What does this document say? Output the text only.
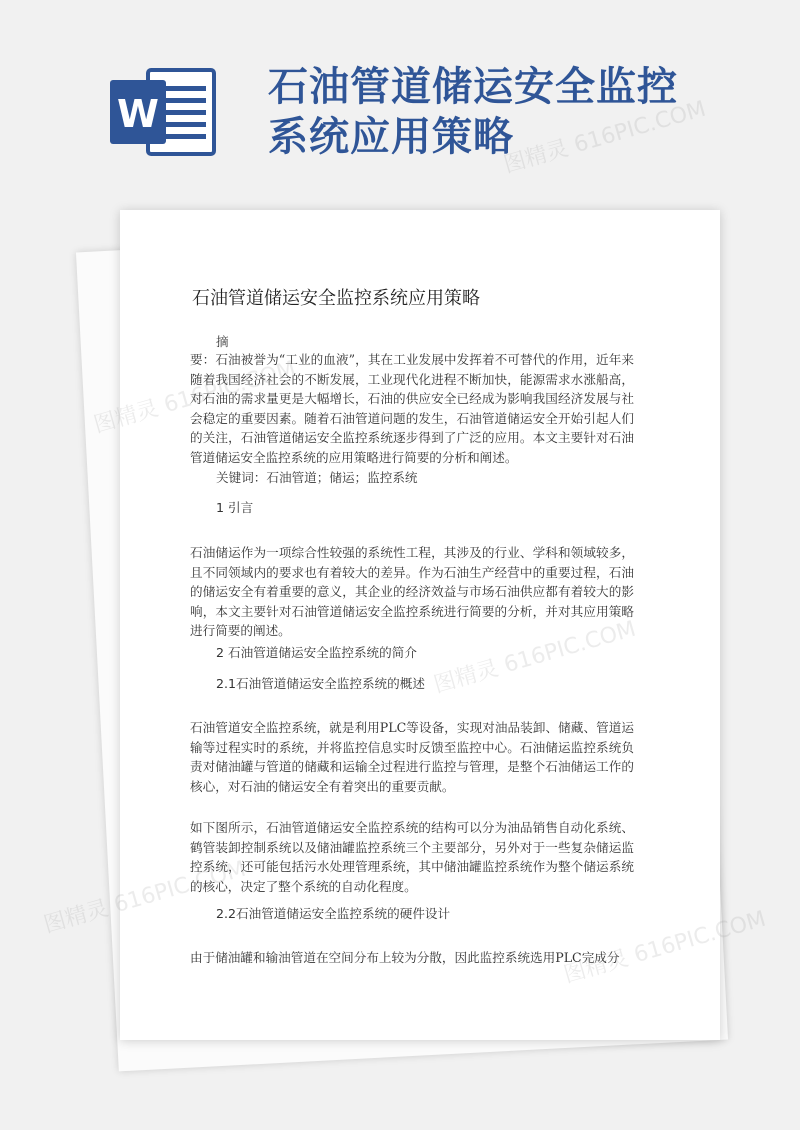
W
石油管道储运安全监控
系统应用策略
石油管道储运安全监控系统应用策略
摘

要：石油被誉为“工业的血液”，其在工业发展中发挥着不可替代的作用，近年来随着我国经济社会的不断发展，工业现代化进程不断加快，能源需求水涨船高，对石油的需求量更是大幅增长，石油的供应安全已经成为影响我国经济发展与社会稳定的重要因素。随着石油管道问题的发生，石油管道储运安全开始引起人们的关注，石油管道储运安全监控系统逐步得到了广泛的应用。本文主要针对石油管道储运安全监控系统的应用策略进行简要的分析和阐述。

关键词：石油管道；储运；监控系统
1 引言

石油储运作为一项综合性较强的系统性工程，其涉及的行业、学科和领域较多，且不同领域内的要求也有着较大的差异。作为石油生产经营中的重要过程，石油的储运安全有着重要的意义，其企业的经济效益与市场石油供应都有着较大的影响，本文主要针对石油管道储运安全监控系统进行简要的分析，并对其应用策略进行简要的阐述。

2 石油管道储运安全监控系统的简介
2.1石油管道储运安全监控系统的概述

石油管道安全监控系统，就是利用PLC等设备，实现对油品装卸、储藏、管道运输等过程实时的系统，并将监控信息实时反馈至监控中心。石油储运监控系统负责对储油罐与管道的储藏和运输全过程进行监控与管理，是整个石油储运工作的核心，对石油的储运安全有着突出的重要贡献。

如下图所示，石油管道储运安全监控系统的结构可以分为油品销售自动化系统、鹤管装卸控制系统以及储油罐监控系统三个主要部分，另外对于一些复杂储运监控系统，还可能包括污水处理管理系统，其中储油罐监控系统作为整个储运系统的核心，决定了整个系统的自动化程度。

2.2石油管道储运安全监控系统的硬件设计

由于储油罐和输油管道在空间分布上较为分散，因此监控系统选用PLC完成分

图精灵 616PIC.COM
图精灵
